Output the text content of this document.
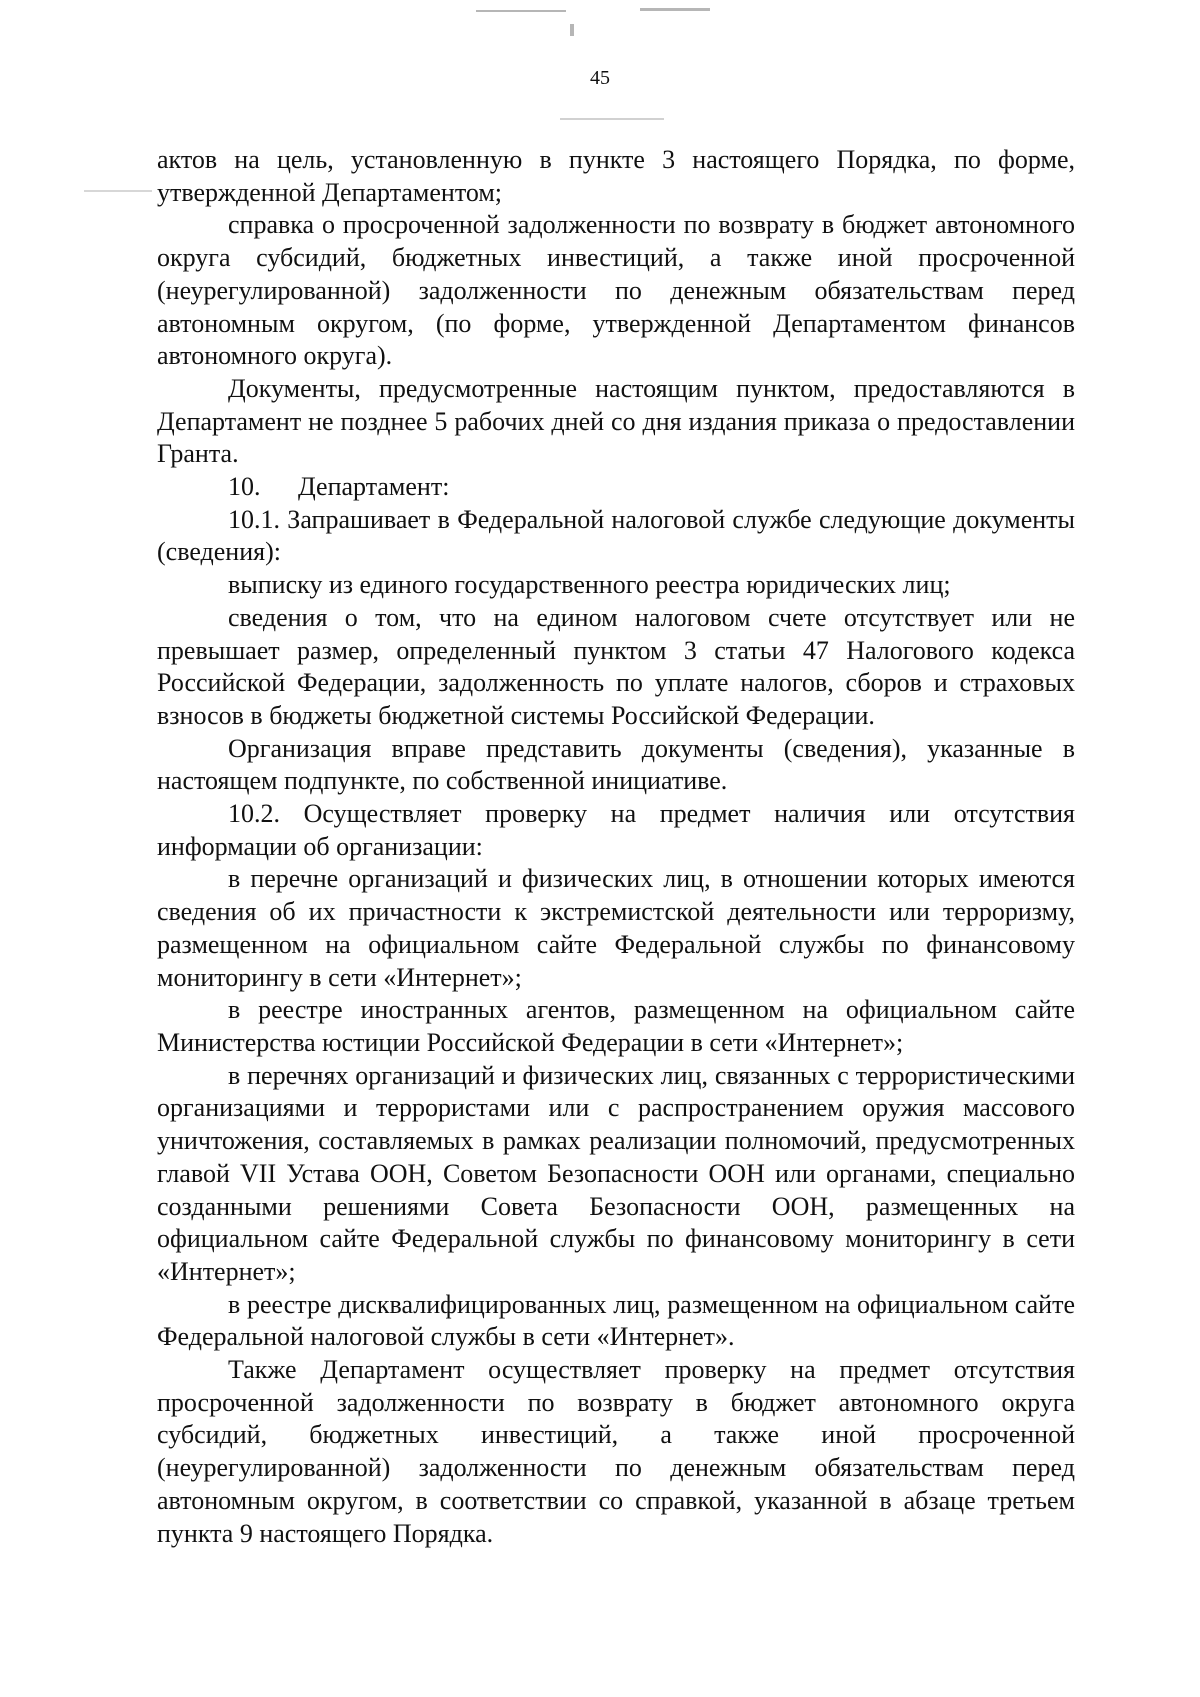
45

актов на цель, установленную в пункте 3 настоящего Порядка, по форме, утвержденной Департаментом;

справка о просроченной задолженности по возврату в бюджет автономного округа субсидий, бюджетных инвестиций, а также иной просроченной (неурегулированной) задолженности по денежным обязательствам перед автономным округом, (по форме, утвержденной Департаментом финансов автономного округа).

Документы, предусмотренные настоящим пунктом, предоставляются в Департамент не позднее 5 рабочих дней со дня издания приказа о предоставлении Гранта.

10. Департамент:

10.1. Запрашивает в Федеральной налоговой службе следующие документы (сведения):

выписку из единого государственного реестра юридических лиц;

сведения о том, что на едином налоговом счете отсутствует или не превышает размер, определенный пунктом 3 статьи 47 Налогового кодекса Российской Федерации, задолженность по уплате налогов, сборов и страховых взносов в бюджеты бюджетной системы Российской Федерации.

Организация вправе представить документы (сведения), указанные в настоящем подпункте, по собственной инициативе.

10.2. Осуществляет проверку на предмет наличия или отсутствия информации об организации:

в перечне организаций и физических лиц, в отношении которых имеются сведения об их причастности к экстремистской деятельности или терроризму, размещенном на официальном сайте Федеральной службы по финансовому мониторингу в сети «Интернет»;

в реестре иностранных агентов, размещенном на официальном сайте Министерства юстиции Российской Федерации в сети «Интернет»;

в перечнях организаций и физических лиц, связанных с террористическими организациями и террористами или с распространением оружия массового уничтожения, составляемых в рамках реализации полномочий, предусмотренных главой VII Устава ООН, Советом Безопасности ООН или органами, специально созданными решениями Совета Безопасности ООН, размещенных на официальном сайте Федеральной службы по финансовому мониторингу в сети «Интернет»;

в реестре дисквалифицированных лиц, размещенном на официальном сайте Федеральной налоговой службы в сети «Интернет».

Также Департамент осуществляет проверку на предмет отсутствия просроченной задолженности по возврату в бюджет автономного округа субсидий, бюджетных инвестиций, а также иной просроченной (неурегулированной) задолженности по денежным обязательствам перед автономным округом, в соответствии со справкой, указанной в абзаце третьем пункта 9 настоящего Порядка.
